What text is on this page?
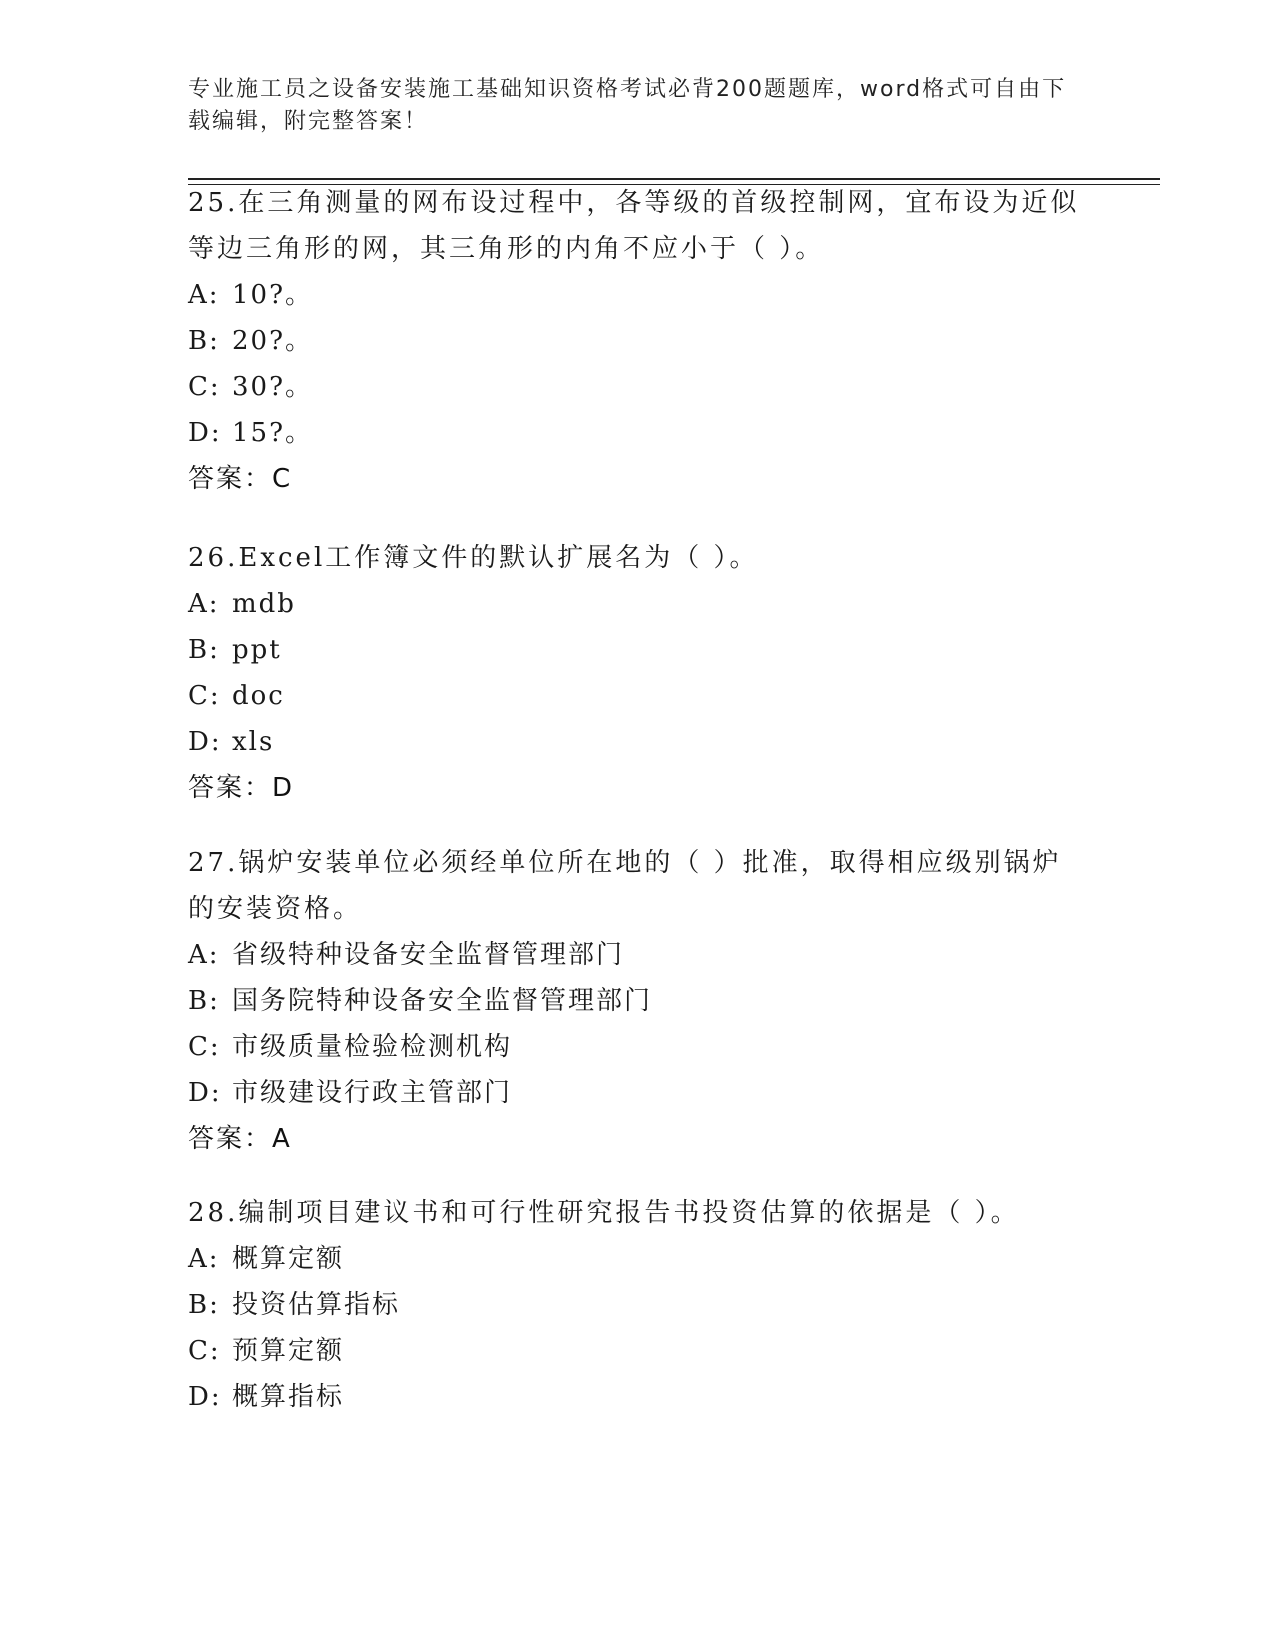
专业施工员之设备安装施工基础知识资格考试必背200题题库，word格式可自由下载编辑，附完整答案！

25.在三角测量的网布设过程中，各等级的首级控制网，宜布设为近似等边三角形的网，其三角形的内角不应小于（ ）。

A: 10?。

B: 20?。

C: 30?。

D: 15?。

答案：C

26.Excel工作簿文件的默认扩展名为（ ）。

A: mdb

B: ppt

C: doc

D: xls

答案：D

27.锅炉安装单位必须经单位所在地的（ ）批准，取得相应级别锅炉的安装资格。

A: 省级特种设备安全监督管理部门

B: 国务院特种设备安全监督管理部门

C: 市级质量检验检测机构

D: 市级建设行政主管部门

答案：A

28.编制项目建议书和可行性研究报告书投资估算的依据是（ ）。

A: 概算定额

B: 投资估算指标

C: 预算定额

D: 概算指标
